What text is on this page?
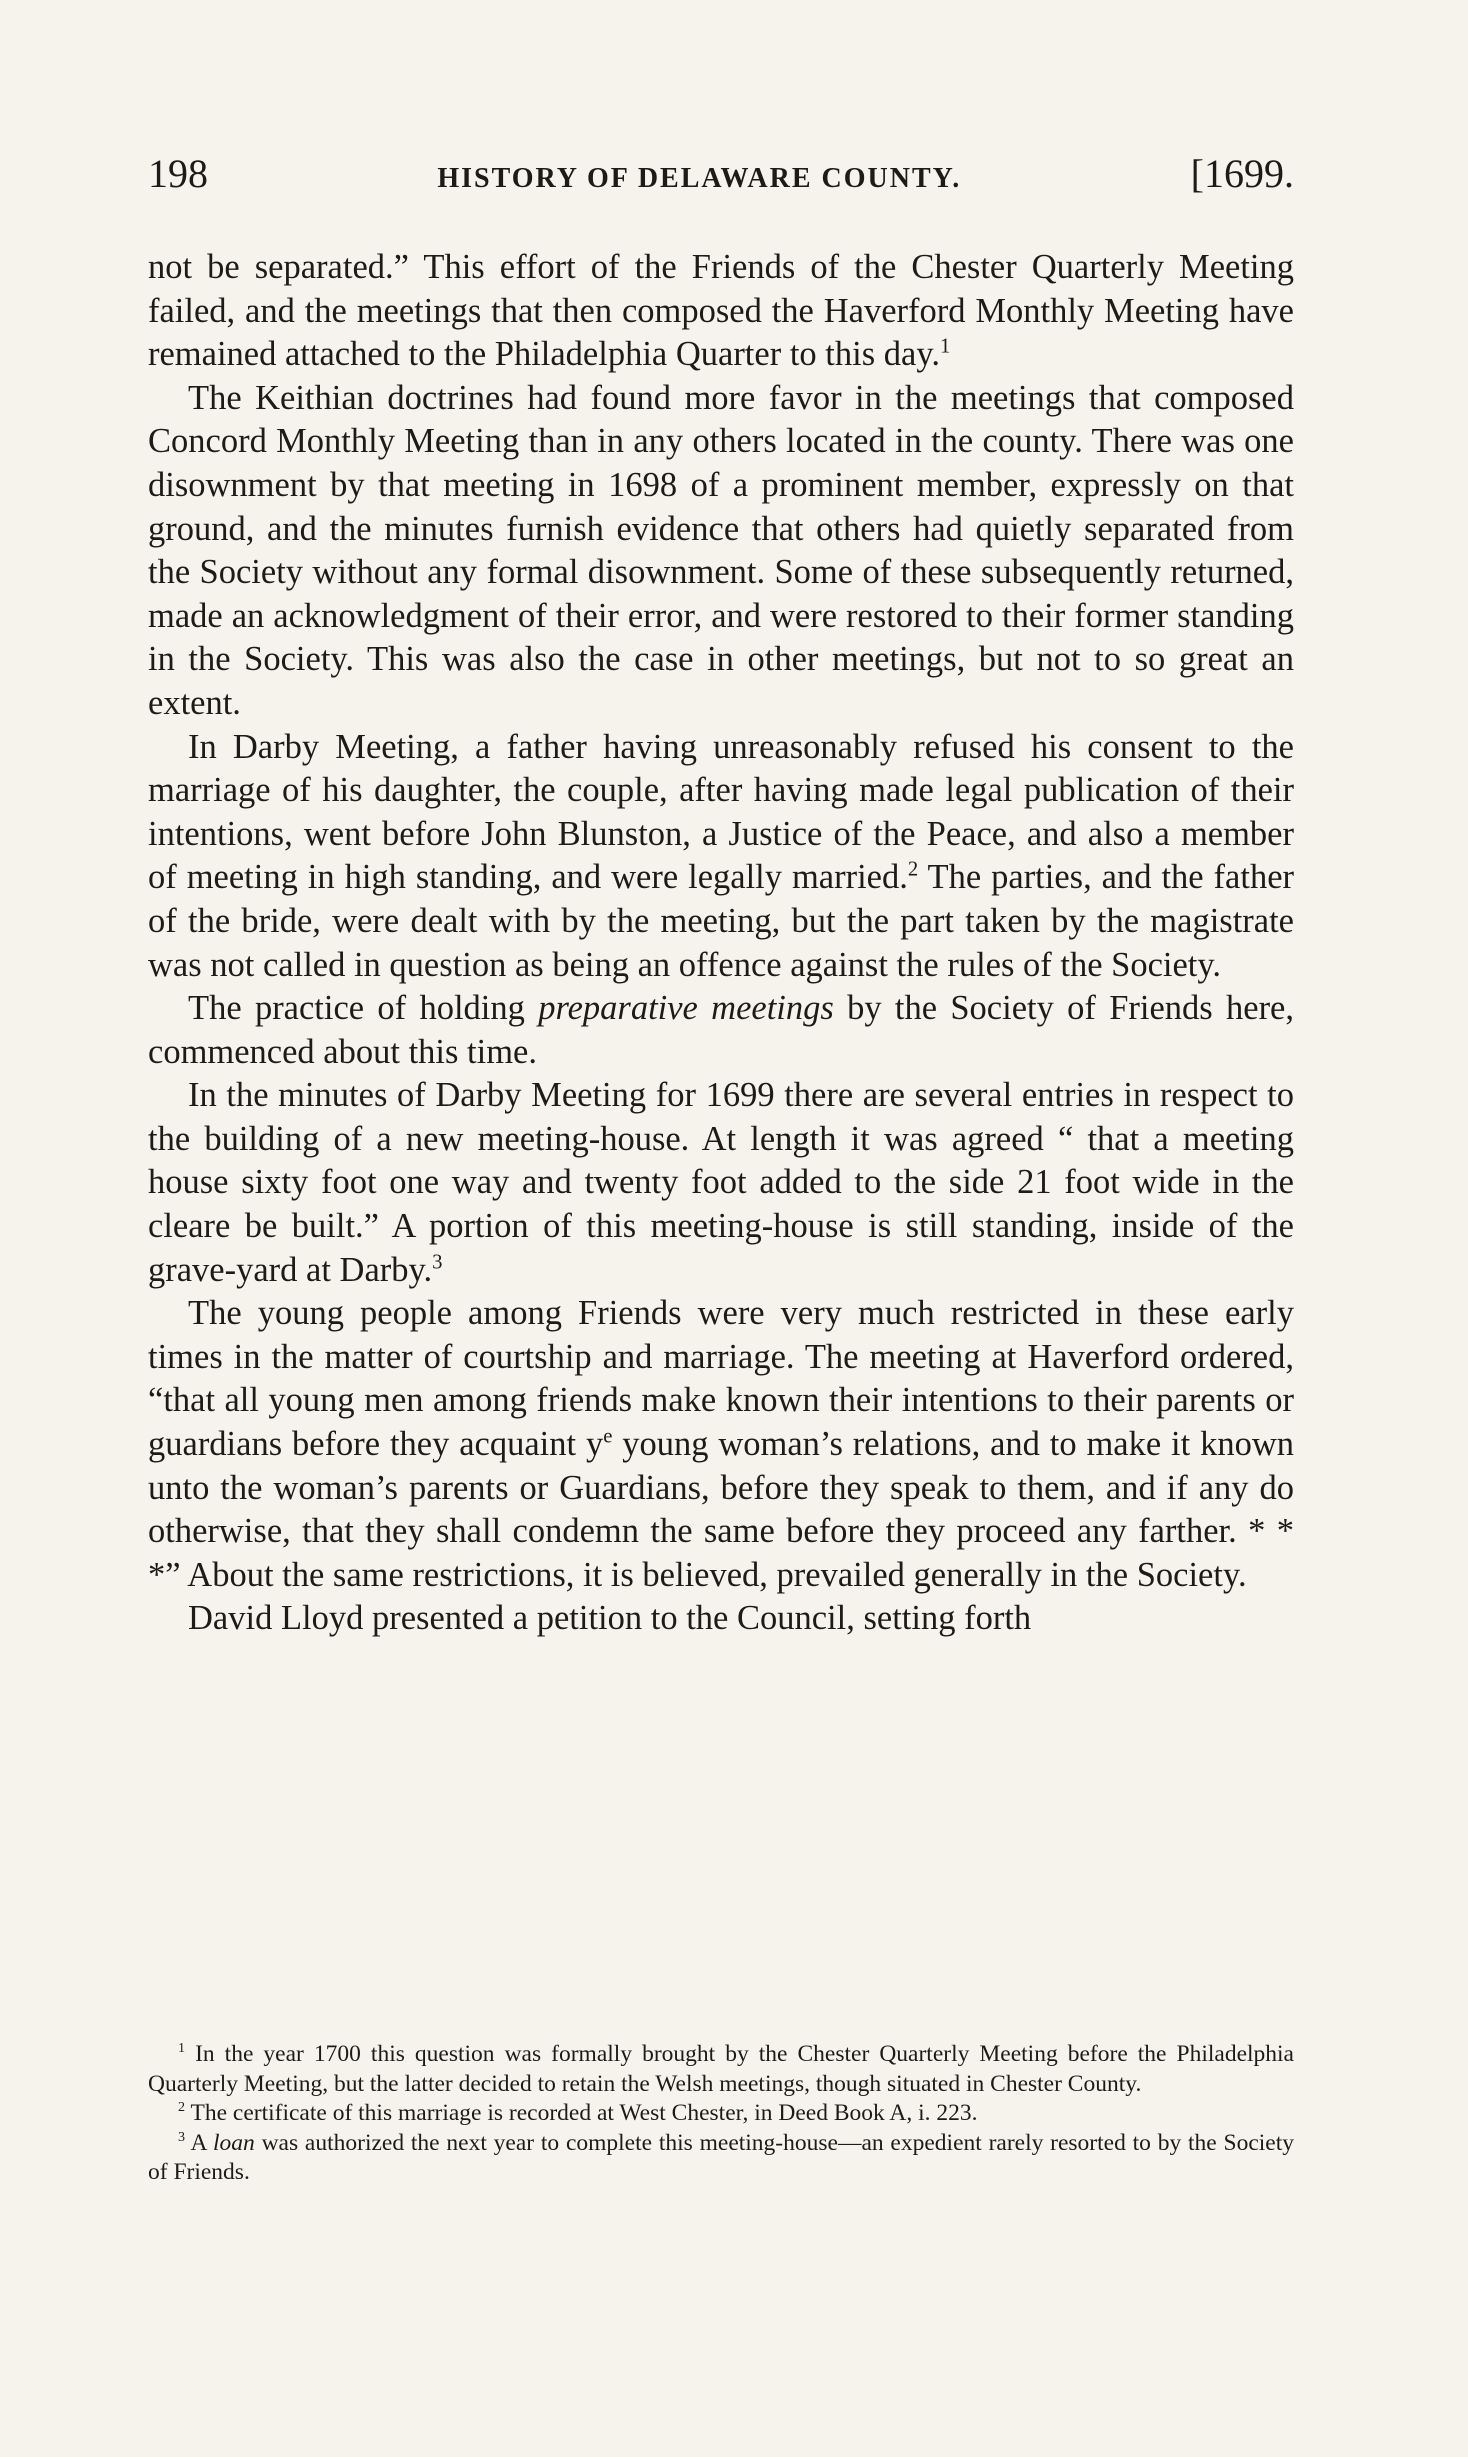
198	HISTORY OF DELAWARE COUNTY.	[1699.

not be separated.” This effort of the Friends of the Chester Quarterly Meeting failed, and the meetings that then composed the Haverford Monthly Meeting have remained attached to the Philadelphia Quarter to this day.$^1$

The Keithian doctrines had found more favor in the meetings that composed Concord Monthly Meeting than in any others located in the county. There was one disownment by that meeting in 1698 of a prominent member, expressly on that ground, and the minutes furnish evidence that others had quietly separated from the Society without any formal disownment. Some of these subsequently returned, made an acknowledgment of their error, and were restored to their former standing in the Society. This was also the case in other meetings, but not to so great an extent.

In Darby Meeting, a father having unreasonably refused his consent to the marriage of his daughter, the couple, after having made legal publication of their intentions, went before John Blunston, a Justice of the Peace, and also a member of meeting in high standing, and were legally married.$^2$ The parties, and the father of the bride, were dealt with by the meeting, but the part taken by the magistrate was not called in question as being an offence against the rules of the Society.

The practice of holding preparative meetings by the Society of Friends here, commenced about this time.

In the minutes of Darby Meeting for 1699 there are several entries in respect to the building of a new meeting-house. At length it was agreed “ that a meeting house sixty foot one way and twenty foot added to the side 21 foot wide in the cleare be built.” A portion of this meeting-house is still standing, inside of the grave-yard at Darby.$^3$

The young people among Friends were very much restricted in these early times in the matter of courtship and marriage. The meeting at Haverford ordered, “that all young men among friends make known their intentions to their parents or guardians before they acquaint $y^e$ young woman’s relations, and to make it known unto the woman’s parents or Guardians, before they speak to them, and if any do otherwise, that they shall condemn the same before they proceed any farther. * * *” About the same restrictions, it is believed, prevailed generally in the Society.

David Lloyd presented a petition to the Council, setting forth

$^1$ In the year 1700 this question was formally brought by the Chester Quarterly Meeting before the Philadelphia Quarterly Meeting, but the latter decided to retain the Welsh meetings, though situated in Chester County.

$^2$ The certificate of this marriage is recorded at West Chester, in Deed Book A, i. 223.

$^3$ A loan was authorized the next year to complete this meeting-house—an expedient rarely resorted to by the Society of Friends.
